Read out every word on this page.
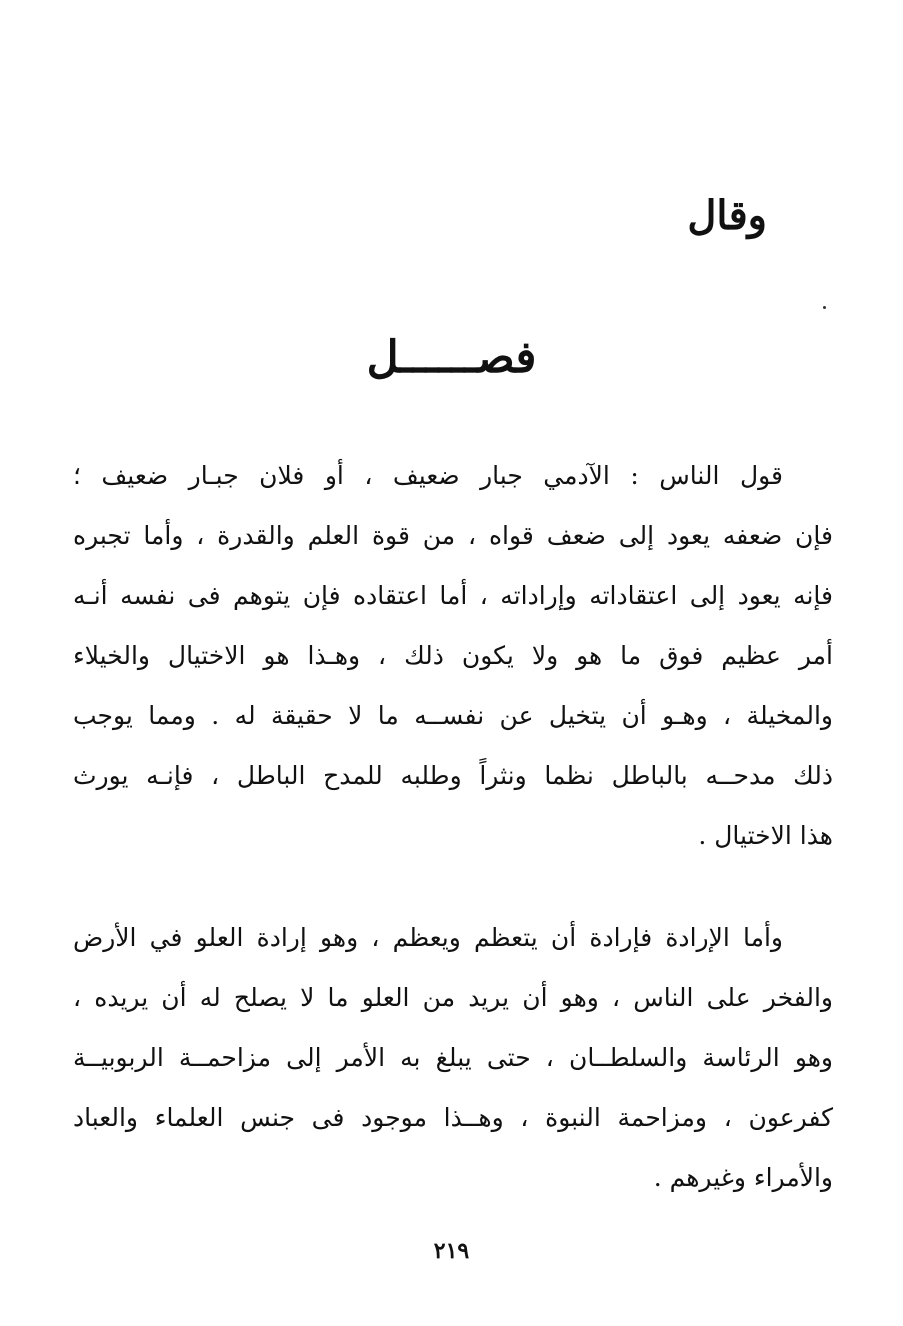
وقال
فصــــــل
قول الناس : الآدمي جبار ضعيف ، أو فلان جبـار ضعيف ؛
فإن ضعفه يعود إلى ضعف قواه ، من قوة العلم والقدرة ، وأما تجبره
فإنه يعود إلى اعتقاداته وإراداته ، أما اعتقاده فإن يتوهم فى نفسه أنـه
أمر عظيم فوق ما هو ولا يكون ذلك ، وهـذا هو الاختيال والخيلاء
والمخيلة ، وهـو أن يتخيل عن نفســه ما لا حقيقة له . ومما يوجب
ذلك مدحــه بالباطل نظما ونثراً وطلبه للمدح الباطل ، فإنـه يورث
هذا الاختيال .
وأما الإرادة فإرادة أن يتعظم ويعظم ، وهو إرادة العلو في الأرض
والفخر على الناس ، وهو أن يريد من العلو ما لا يصلح له أن يريده ،
وهو الرئاسة والسلطــان ، حتى يبلغ به الأمر إلى مزاحمــة الربوبيــة
كفرعون ، ومزاحمة النبوة ، وهــذا موجود فى جنس العلماء والعباد
والأمراء وغيرهم .
٢١٩
